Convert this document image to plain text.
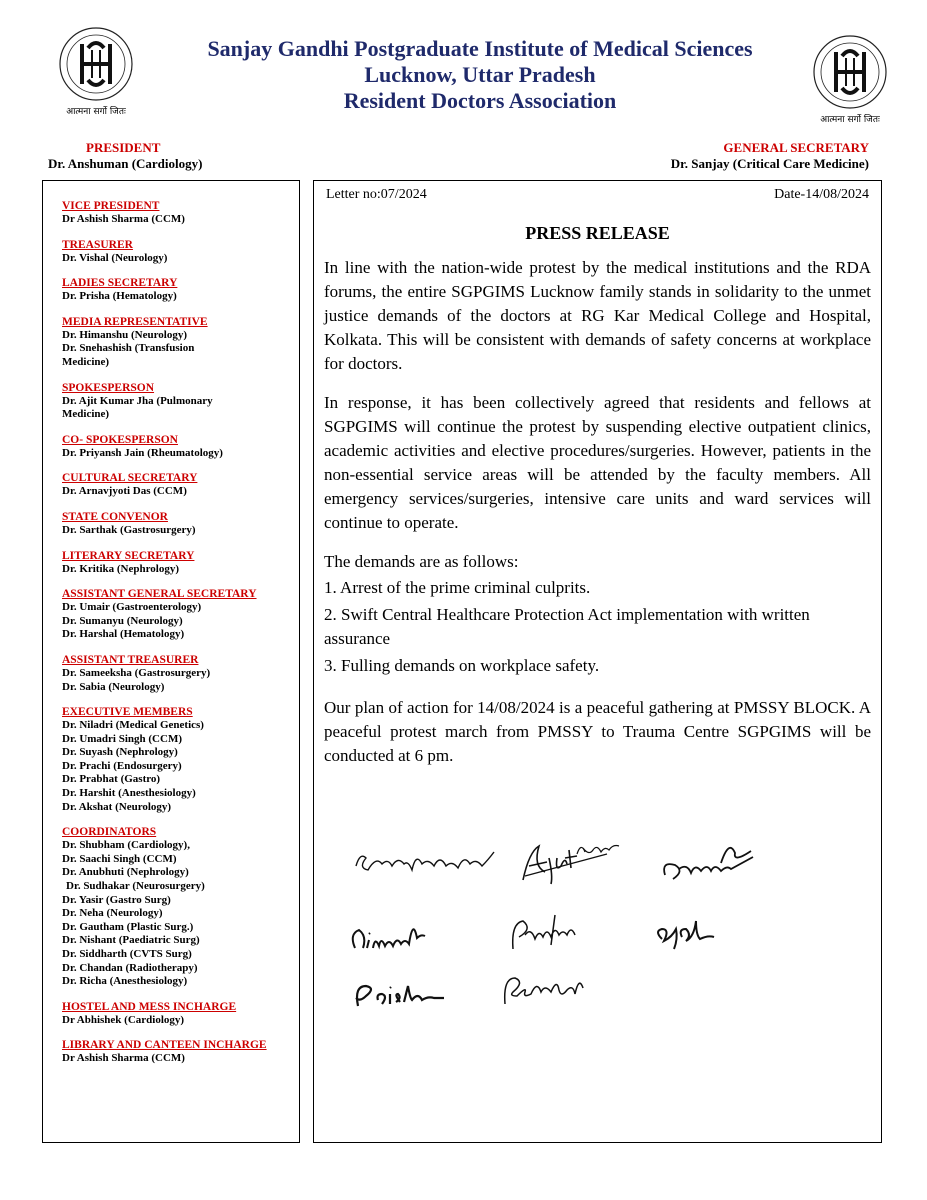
आत्मना सर्गो जितः
आत्मना सर्गो जितः
Sanjay Gandhi Postgraduate Institute of Medical Sciences
Lucknow, Uttar Pradesh
Resident Doctors Association
PRESIDENT
Dr. Anshuman (Cardiology)
GENERAL SECRETARY
Dr. Sanjay (Critical Care Medicine)
VICE PRESIDENT
Dr Ashish Sharma (CCM)
TREASURER
Dr. Vishal (Neurology)
LADIES SECRETARY
Dr. Prisha (Hematology)
MEDIA REPRESENTATIVE
Dr. Himanshu (Neurology)
Dr. Snehashish (Transfusion
Medicine)
SPOKESPERSON
Dr. Ajit Kumar Jha (Pulmonary
Medicine)
CO- SPOKESPERSON
Dr. Priyansh Jain (Rheumatology)
CULTURAL SECRETARY
Dr. Arnavjyoti Das (CCM)
STATE CONVENOR
Dr. Sarthak (Gastrosurgery)
LITERARY SECRETARY
Dr. Kritika (Nephrology)
ASSISTANT GENERAL SECRETARY
Dr. Umair (Gastroenterology)
Dr. Sumanyu (Neurology)
Dr. Harshal (Hematology)
ASSISTANT TREASURER
Dr. Sameeksha (Gastrosurgery)
Dr. Sabia (Neurology)
EXECUTIVE MEMBERS
Dr. Niladri (Medical Genetics)
Dr. Umadri Singh (CCM)
Dr. Suyash (Nephrology)
Dr. Prachi (Endosurgery)
Dr. Prabhat (Gastro)
Dr. Harshit (Anesthesiology)
Dr. Akshat (Neurology)
COORDINATORS
Dr. Shubham (Cardiology),
Dr. Saachi Singh (CCM)
Dr. Anubhuti (Nephrology)
Dr. Sudhakar (Neurosurgery)
Dr. Yasir (Gastro Surg)
Dr. Neha (Neurology)
Dr. Gautham (Plastic Surg.)
Dr. Nishant (Paediatric Surg)
Dr. Siddharth (CVTS Surg)
Dr. Chandan (Radiotherapy)
Dr. Richa (Anesthesiology)
HOSTEL AND MESS INCHARGE
Dr Abhishek (Cardiology)
LIBRARY AND CANTEEN INCHARGE
Dr Ashish Sharma (CCM)
Letter no:07/2024	Date-14/08/2024
PRESS RELEASE

In line with the nation-wide protest by the medical institutions and the RDA forums, the entire SGPGIMS Lucknow family stands in solidarity to the unmet justice demands of the doctors at RG Kar Medical College and Hospital, Kolkata. This will be consistent with demands of safety concerns at workplace for doctors.

In response, it has been collectively agreed that residents and fellows at SGPGIMS will continue the protest by suspending elective outpatient clinics, academic activities and elective procedures/surgeries. However, patients in the non-essential service areas will be attended by the faculty members. All emergency services/surgeries, intensive care units and ward services will continue to operate.

The demands are as follows:

1. Arrest of the prime criminal culprits.

2. Swift Central Healthcare Protection Act implementation with written assurance

3. Fulling demands on workplace safety.

Our plan of action for 14/08/2024 is a peaceful gathering at PMSSY BLOCK. A peaceful protest march from PMSSY to Trauma Centre SGPGIMS will be conducted at 6 pm.
